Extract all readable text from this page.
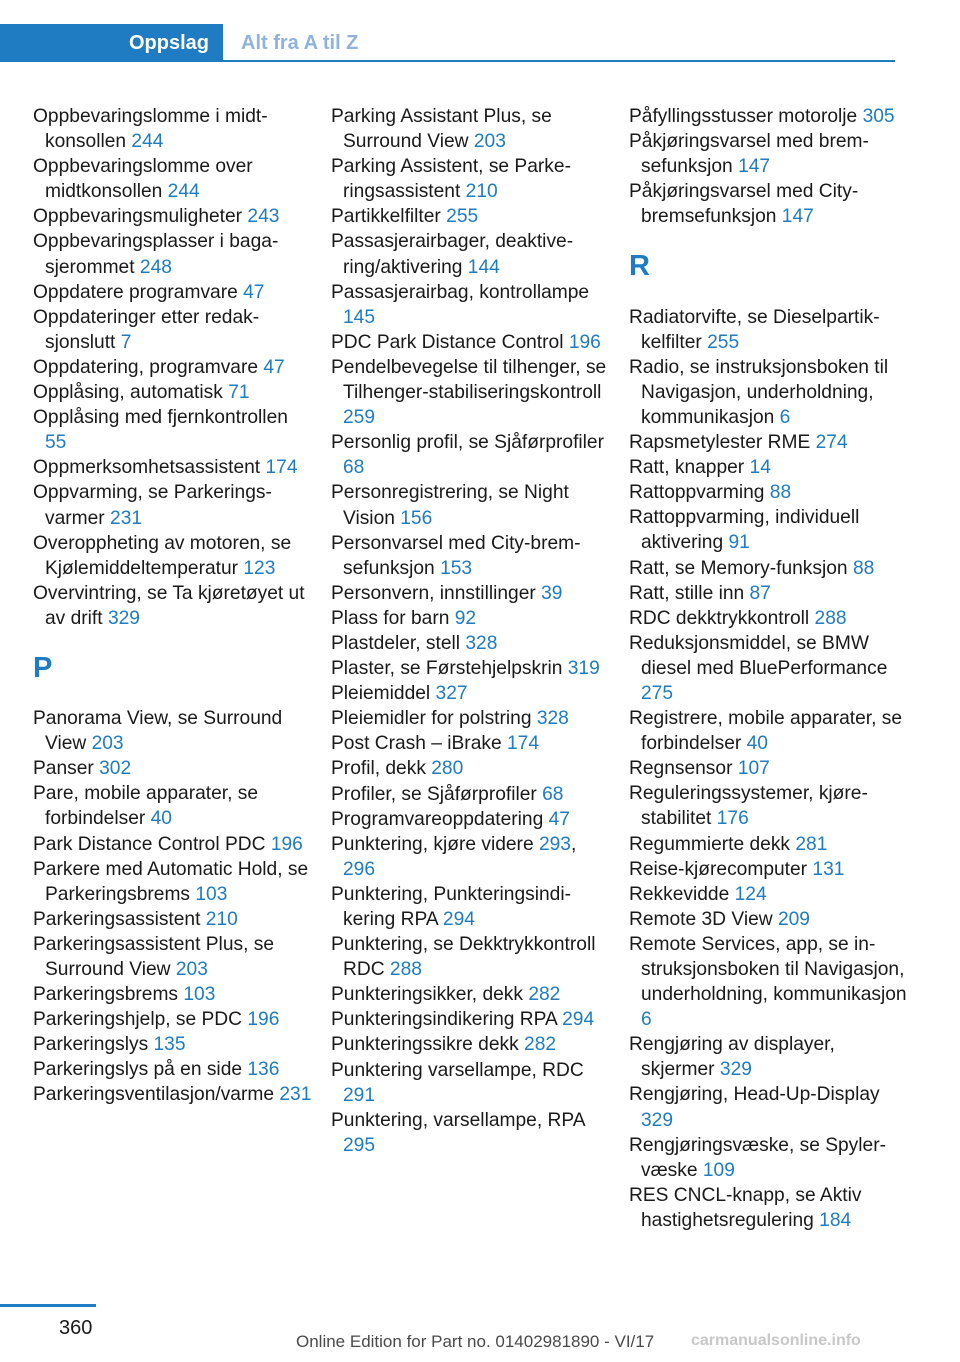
Oppslag	Alt fra A til Z
Oppbevaringslomme i midtkonsollen 244
Oppbevaringslomme over midtkonsollen 244
Oppbevaringsmuligheter 243
Oppbevaringsplasser i bagasjerommet 248
Oppdatere programvare 47
Oppdateringer etter redaksjonslutt 7
Oppdatering, programvare 47
Opplåsing, automatisk 71
Opplåsing med fjernkontrollen 55
Oppmerksomhetsassistent 174
Oppvarming, se Parkeringsvarmer 231
Overoppheting av motoren, se Kjølemiddeltemperatur 123
Overvintring, se Ta kjøretøyet ut av drift 329
P
Panorama View, se Surround View 203
Panser 302
Pare, mobile apparater, se forbindelser 40
Park Distance Control PDC 196
Parkere med Automatic Hold, se Parkeringsbrems 103
Parkeringsassistent 210
Parkeringsassistent Plus, se Surround View 203
Parkeringsbrems 103
Parkeringshjelp, se PDC 196
Parkeringslys 135
Parkeringslys på en side 136
Parkeringsventilasjon/varme 231
Parking Assistant Plus, se Surround View 203
Parking Assistent, se Parkeringsassistent 210
Partikkelfilter 255
Passasjerairbager, deaktivering/aktivering 144
Passasjerairbag, kontrollampe 145
PDC Park Distance Control 196
Pendelbevegelse til tilhenger, se Tilhenger-stabiliseringskontroll 259
Personlig profil, se Sjåførprofiler 68
Personregistrering, se Night Vision 156
Personvarsel med City-bremsefunksjon 153
Personvern, innstillinger 39
Plass for barn 92
Plastdeler, stell 328
Plaster, se Førstehjelpskrin 319
Pleiemiddel 327
Pleiemidler for polstring 328
Post Crash – iBrake 174
Profil, dekk 280
Profiler, se Sjåførprofiler 68
Programvareoppdatering 47
Punktering, kjøre videre 293, 296
Punktering, Punkteringsindikering RPA 294
Punktering, se Dekktrykkontroll RDC 288
Punkteringsikker, dekk 282
Punkteringsindikering RPA 294
Punkteringssikre dekk 282
Punktering varsellampe, RDC 291
Punktering, varsellampe, RPA 295
Påfyllingsstusser motorolje 305
Påkjøringsvarsel med bremsefunksjon 147
Påkjøringsvarsel med City-bremsefunksjon 147
R
Radiatorvifte, se Dieselpartikkelfilter 255
Radio, se instruksjonsboken til Navigasjon, underholdning, kommunikasjon 6
Rapsmetylester RME 274
Ratt, knapper 14
Rattoppvarming 88
Rattoppvarming, individuell aktivering 91
Ratt, se Memory-funksjon 88
Ratt, stille inn 87
RDC dekktrykkontroll 288
Reduksjonsmiddel, se BMW diesel med BluePerformance 275
Registrere, mobile apparater, se forbindelser 40
Regnsensor 107
Reguleringssystemer, kjørestabilitet 176
Regummierte dekk 281
Reise-kjørecomputer 131
Rekkevidde 124
Remote 3D View 209
Remote Services, app, se instruksjonsboken til Navigasjon, underholdning, kommunikasjon 6
Rengjøring av displayer, skjermer 329
Rengjøring, Head-Up-Display 329
Rengjøringsvæske, se Spylervæske 109
RES CNCL-knapp, se Aktiv hastighetsregulering 184
360
Online Edition for Part no. 01402981890 - VI/17 carmanualsonline.info
